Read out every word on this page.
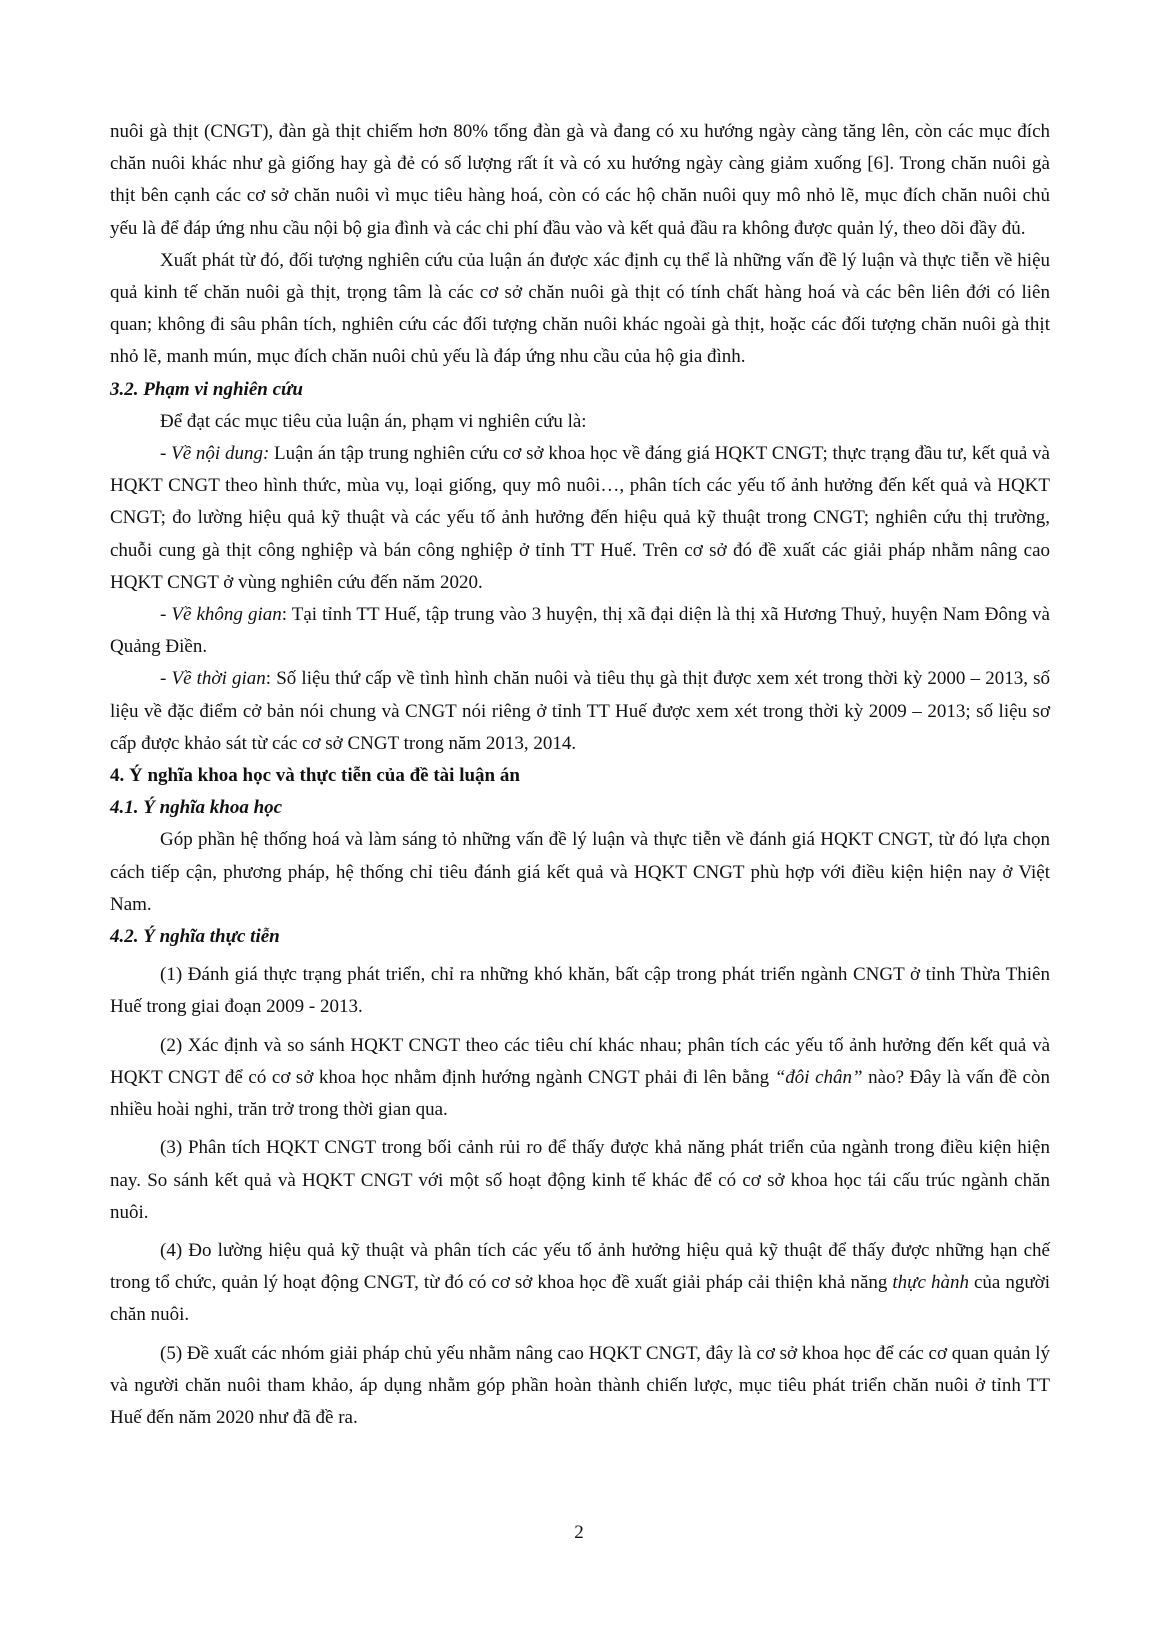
nuôi gà thịt (CNGT), đàn gà thịt chiếm hơn 80% tổng đàn gà và đang có xu hướng ngày càng tăng lên, còn các mục đích chăn nuôi khác như gà giống hay gà đẻ có số lượng rất ít và có xu hướng ngày càng giảm xuống [6]. Trong chăn nuôi gà thịt bên cạnh các cơ sở chăn nuôi vì mục tiêu hàng hoá, còn có các hộ chăn nuôi quy mô nhỏ lẽ, mục đích chăn nuôi chủ yếu là để đáp ứng nhu cầu nội bộ gia đình và các chi phí đầu vào và kết quả đầu ra không được quản lý, theo dõi đầy đủ.

Xuất phát từ đó, đối tượng nghiên cứu của luận án được xác định cụ thể là những vấn đề lý luận và thực tiễn về hiệu quả kinh tế chăn nuôi gà thịt, trọng tâm là các cơ sở chăn nuôi gà thịt có tính chất hàng hoá và các bên liên đới có liên quan; không đi sâu phân tích, nghiên cứu các đối tượng chăn nuôi khác ngoài gà thịt, hoặc các đối tượng chăn nuôi gà thịt nhỏ lẽ, manh mún, mục đích chăn nuôi chủ yếu là đáp ứng nhu cầu của hộ gia đình.

3.2. Phạm vi nghiên cứu

Để đạt các mục tiêu của luận án, phạm vi nghiên cứu là:

- Về nội dung: Luận án tập trung nghiên cứu cơ sở khoa học về đáng giá HQKT CNGT; thực trạng đầu tư, kết quả và HQKT CNGT theo hình thức, mùa vụ, loại giống, quy mô nuôi…, phân tích các yếu tố ảnh hưởng đến kết quả và HQKT CNGT; đo lường hiệu quả kỹ thuật và các yếu tố ảnh hưởng đến hiệu quả kỹ thuật trong CNGT; nghiên cứu thị trường, chuỗi cung gà thịt công nghiệp và bán công nghiệp ở tỉnh TT Huế. Trên cơ sở đó đề xuất các giải pháp nhằm nâng cao HQKT CNGT ở vùng nghiên cứu đến năm 2020.

- Về không gian: Tại tỉnh TT Huế, tập trung vào 3 huyện, thị xã đại diện là thị xã Hương Thuỷ, huyện Nam Đông và Quảng Điền.

- Về thời gian: Số liệu thứ cấp về tình hình chăn nuôi và tiêu thụ gà thịt được xem xét trong thời kỳ 2000 – 2013, số liệu về đặc điểm cở bản nói chung và CNGT nói riêng ở tỉnh TT Huế được xem xét trong thời kỳ 2009 – 2013; số liệu sơ cấp được khảo sát từ các cơ sở CNGT trong năm 2013, 2014.

4. Ý nghĩa khoa học và thực tiễn của đề tài luận án

4.1. Ý nghĩa khoa học

Góp phần hệ thống hoá và làm sáng tỏ những vấn đề lý luận và thực tiễn về đánh giá HQKT CNGT, từ đó lựa chọn cách tiếp cận, phương pháp, hệ thống chỉ tiêu đánh giá kết quả và HQKT CNGT phù hợp với điều kiện hiện nay ở Việt Nam.

4.2. Ý nghĩa thực tiễn

(1) Đánh giá thực trạng phát triển, chỉ ra những khó khăn, bất cập trong phát triển ngành CNGT ở tỉnh Thừa Thiên Huế trong giai đoạn 2009 - 2013.

(2) Xác định và so sánh HQKT CNGT theo các tiêu chí khác nhau; phân tích các yếu tố ảnh hưởng đến kết quả và HQKT CNGT để có cơ sở khoa học nhằm định hướng ngành CNGT phải đi lên bằng “đôi chân” nào? Đây là vấn đề còn nhiều hoài nghi, trăn trở trong thời gian qua.

(3) Phân tích HQKT CNGT trong bối cảnh rủi ro để thấy được khả năng phát triển của ngành trong điều kiện hiện nay. So sánh kết quả và HQKT CNGT với một số hoạt động kinh tế khác để có cơ sở khoa học tái cấu trúc ngành chăn nuôi.

(4) Đo lường hiệu quả kỹ thuật và phân tích các yếu tố ảnh hưởng hiệu quả kỹ thuật để thấy được những hạn chế trong tổ chức, quản lý hoạt động CNGT, từ đó có cơ sở khoa học đề xuất giải pháp cải thiện khả năng thực hành của người chăn nuôi.

(5) Đề xuất các nhóm giải pháp chủ yếu nhằm nâng cao HQKT CNGT, đây là cơ sở khoa học để các cơ quan quản lý và người chăn nuôi tham khảo, áp dụng nhằm góp phần hoàn thành chiến lược, mục tiêu phát triển chăn nuôi ở tỉnh TT Huế đến năm 2020 như đã đề ra.

2
